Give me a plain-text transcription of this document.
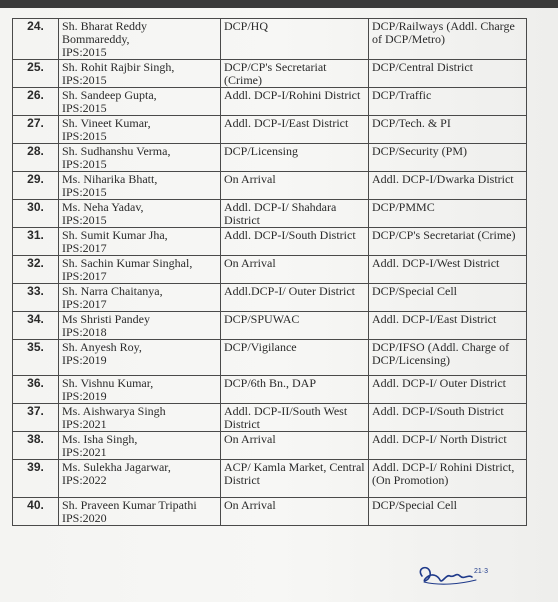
24.	Sh. Bharat Reddy Bommareddy,
IPS:2015	DCP/HQ	DCP/Railways (Addl. Charge of DCP/Metro)
25.	Sh. Rohit Rajbir Singh,
IPS:2015	DCP/CP's Secretariat (Crime)	DCP/Central District
26.	Sh. Sandeep Gupta,
IPS:2015	Addl. DCP-I/Rohini District	DCP/Traffic
27.	Sh. Vineet Kumar,
IPS:2015	Addl. DCP-I/East District	DCP/Tech. & PI
28.	Sh. Sudhanshu Verma,
IPS:2015	DCP/Licensing	DCP/Security (PM)
29.	Ms. Niharika Bhatt,
IPS:2015	On Arrival	Addl. DCP-I/Dwarka District
30.	Ms. Neha Yadav,
IPS:2015	Addl. DCP-I/ Shahdara District	DCP/PMMC
31.	Sh. Sumit Kumar Jha,
IPS:2017	Addl. DCP-I/South District	DCP/CP's Secretariat (Crime)
32.	Sh. Sachin Kumar Singhal,
IPS:2017	On Arrival	Addl. DCP-I/West District
33.	Sh. Narra Chaitanya,
IPS:2017	Addl.DCP-I/ Outer District	DCP/Special Cell
34.	Ms Shristi Pandey
IPS:2018	DCP/SPUWAC	Addl. DCP-I/East District
35.	Sh. Anyesh Roy,
IPS:2019	DCP/Vigilance	DCP/IFSO (Addl. Charge of DCP/Licensing)
36.	Sh. Vishnu Kumar,
IPS:2019	DCP/6th Bn., DAP	Addl. DCP-I/ Outer District
37.	Ms. Aishwarya Singh
IPS:2021	Addl. DCP-II/South West District	Addl. DCP-I/South District
38.	Ms. Isha Singh,
IPS:2021	On Arrival	Addl. DCP-I/ North District
39.	Ms. Sulekha Jagarwar,
IPS:2022	ACP/ Kamla Market, Central District	Addl. DCP-I/ Rohini District, (On Promotion)
40.	Sh. Praveen Kumar Tripathi
IPS:2020	On Arrival	DCP/Special Cell
21·3
